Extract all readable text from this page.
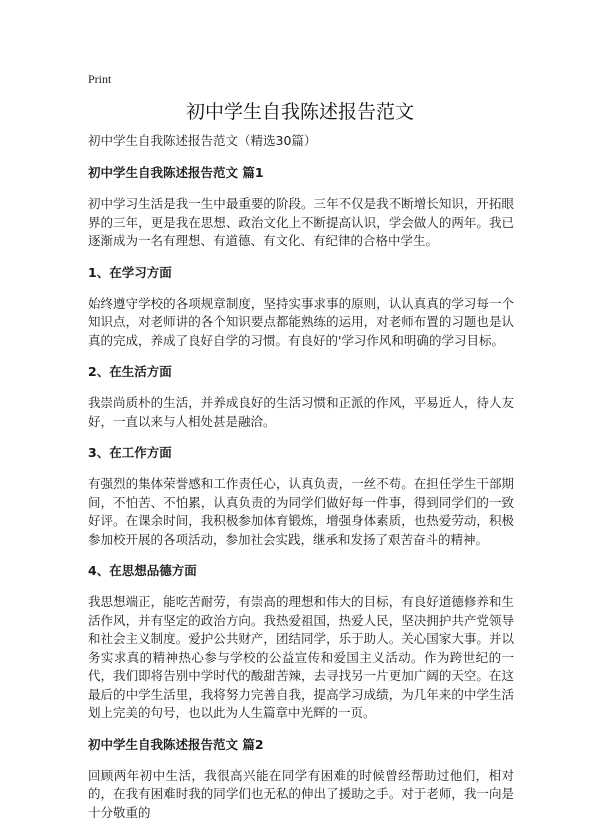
Print
初中学生自我陈述报告范文

初中学生自我陈述报告范文（精选30篇）

初中学生自我陈述报告范文 篇1

初中学习生活是我一生中最重要的阶段。三年不仅是我不断增长知识，开拓眼界的三年，更是我在思想、政治文化上不断提高认识，学会做人的两年。我已逐渐成为一名有理想、有道德、有文化、有纪律的合格中学生。

1、在学习方面

始终遵守学校的各项规章制度，坚持实事求事的原则，认认真真的学习每一个知识点，对老师讲的各个知识要点都能熟练的运用，对老师布置的习题也是认真的完成，养成了良好自学的习惯。有良好的'学习作风和明确的学习目标。

2、在生活方面

我崇尚质朴的生活，并养成良好的生活习惯和正派的作风，平易近人，待人友好，一直以来与人相处甚是融洽。

3、在工作方面

有强烈的集体荣誉感和工作责任心，认真负责，一丝不苟。在担任学生干部期间，不怕苦、不怕累，认真负责的为同学们做好每一件事，得到同学们的一致好评。在课余时间，我积极参加体育锻炼，增强身体素质，也热爱劳动，积极参加校开展的各项活动，参加社会实践，继承和发扬了艰苦奋斗的精神。

4、在思想品德方面

我思想端正，能吃苦耐劳，有崇高的理想和伟大的目标，有良好道德修养和生活作风，并有坚定的政治方向。我热爱祖国，热爱人民，坚决拥护共产党领导和社会主义制度。爱护公共财产，团结同学，乐于助人。关心国家大事。并以务实求真的精神热心参与学校的公益宣传和爱国主义活动。作为跨世纪的一代，我们即将告别中学时代的酸甜苦辣，去寻找另一片更加广阔的天空。在这最后的中学生活里，我将努力完善自我，提高学习成绩，为几年来的中学生活划上完美的句号，也以此为人生篇章中光辉的一页。

初中学生自我陈述报告范文 篇2

回顾两年初中生活，我很高兴能在同学有困难的时候曾经帮助过他们，相对的，在我有困难时我的同学们也无私的伸出了援助之手。对于老师，我一向是十分敬重的
